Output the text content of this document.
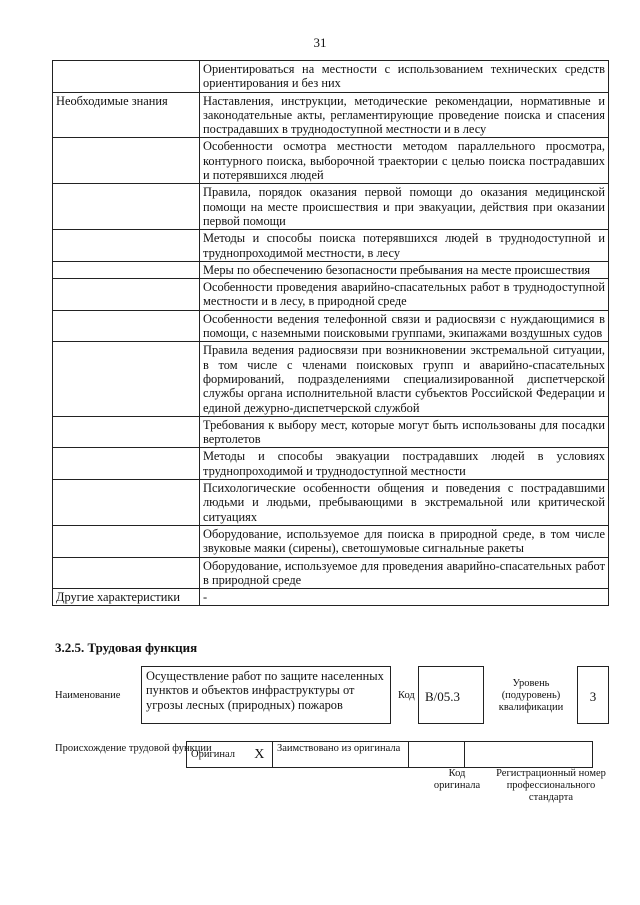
31
	Ориентироваться на местности с использованием технических средств ориентирования и без них
Необходимые знания	Наставления, инструкции, методические рекомендации, нормативные и законодательные акты, регламентирующие проведение поиска и спасения пострадавших в труднодоступной местности и в лесу
	Особенности осмотра местности методом параллельного просмотра, контурного поиска, выборочной траектории с целью поиска пострадавших и потерявшихся людей
	Правила, порядок оказания первой помощи до оказания медицинской помощи на месте происшествия и при эвакуации, действия при оказании первой помощи
	Методы и способы поиска потерявшихся людей в труднодоступной и труднопроходимой местности, в лесу
	Меры по обеспечению безопасности пребывания на месте происшествия
	Особенности проведения аварийно-спасательных работ в труднодоступной местности и в лесу, в природной среде
	Особенности ведения телефонной связи и радиосвязи с нуждающимися в помощи, с наземными поисковыми группами, экипажами воздушных судов
	Правила ведения радиосвязи при возникновении экстремальной ситуации, в том числе с членами поисковых групп и аварийно-спасательных формирований, подразделениями специализированной диспетчерской службы органа исполнительной власти субъектов Российской Федерации и единой дежурно-диспетчерской службой
	Требования к выбору мест, которые могут быть использованы для посадки вертолетов
	Методы и способы эвакуации пострадавших людей в условиях труднопроходимой и труднодоступной местности
	Психологические особенности общения и поведения с пострадавшими людьми и людьми, пребывающими в экстремальной или критической ситуациях
	Оборудование, используемое для поиска в природной среде, в том числе звуковые маяки (сирены), светошумовые сигнальные ракеты
	Оборудование, используемое для проведения аварийно-спасательных работ в природной среде
Другие характеристики	-
3.2.5. Трудовая функция
Наименование
Осуществление работ по защите населенных пунктов и объектов инфраструктуры от угрозы лесных (природных) пожаров
Код B/05.3
Уровень (подуровень) квалификации
3
Происхождение трудовой функции
Оригинал	X	Заимствовано из оригинала		
Код оригинала
Регистрационный номер профессионального стандарта
